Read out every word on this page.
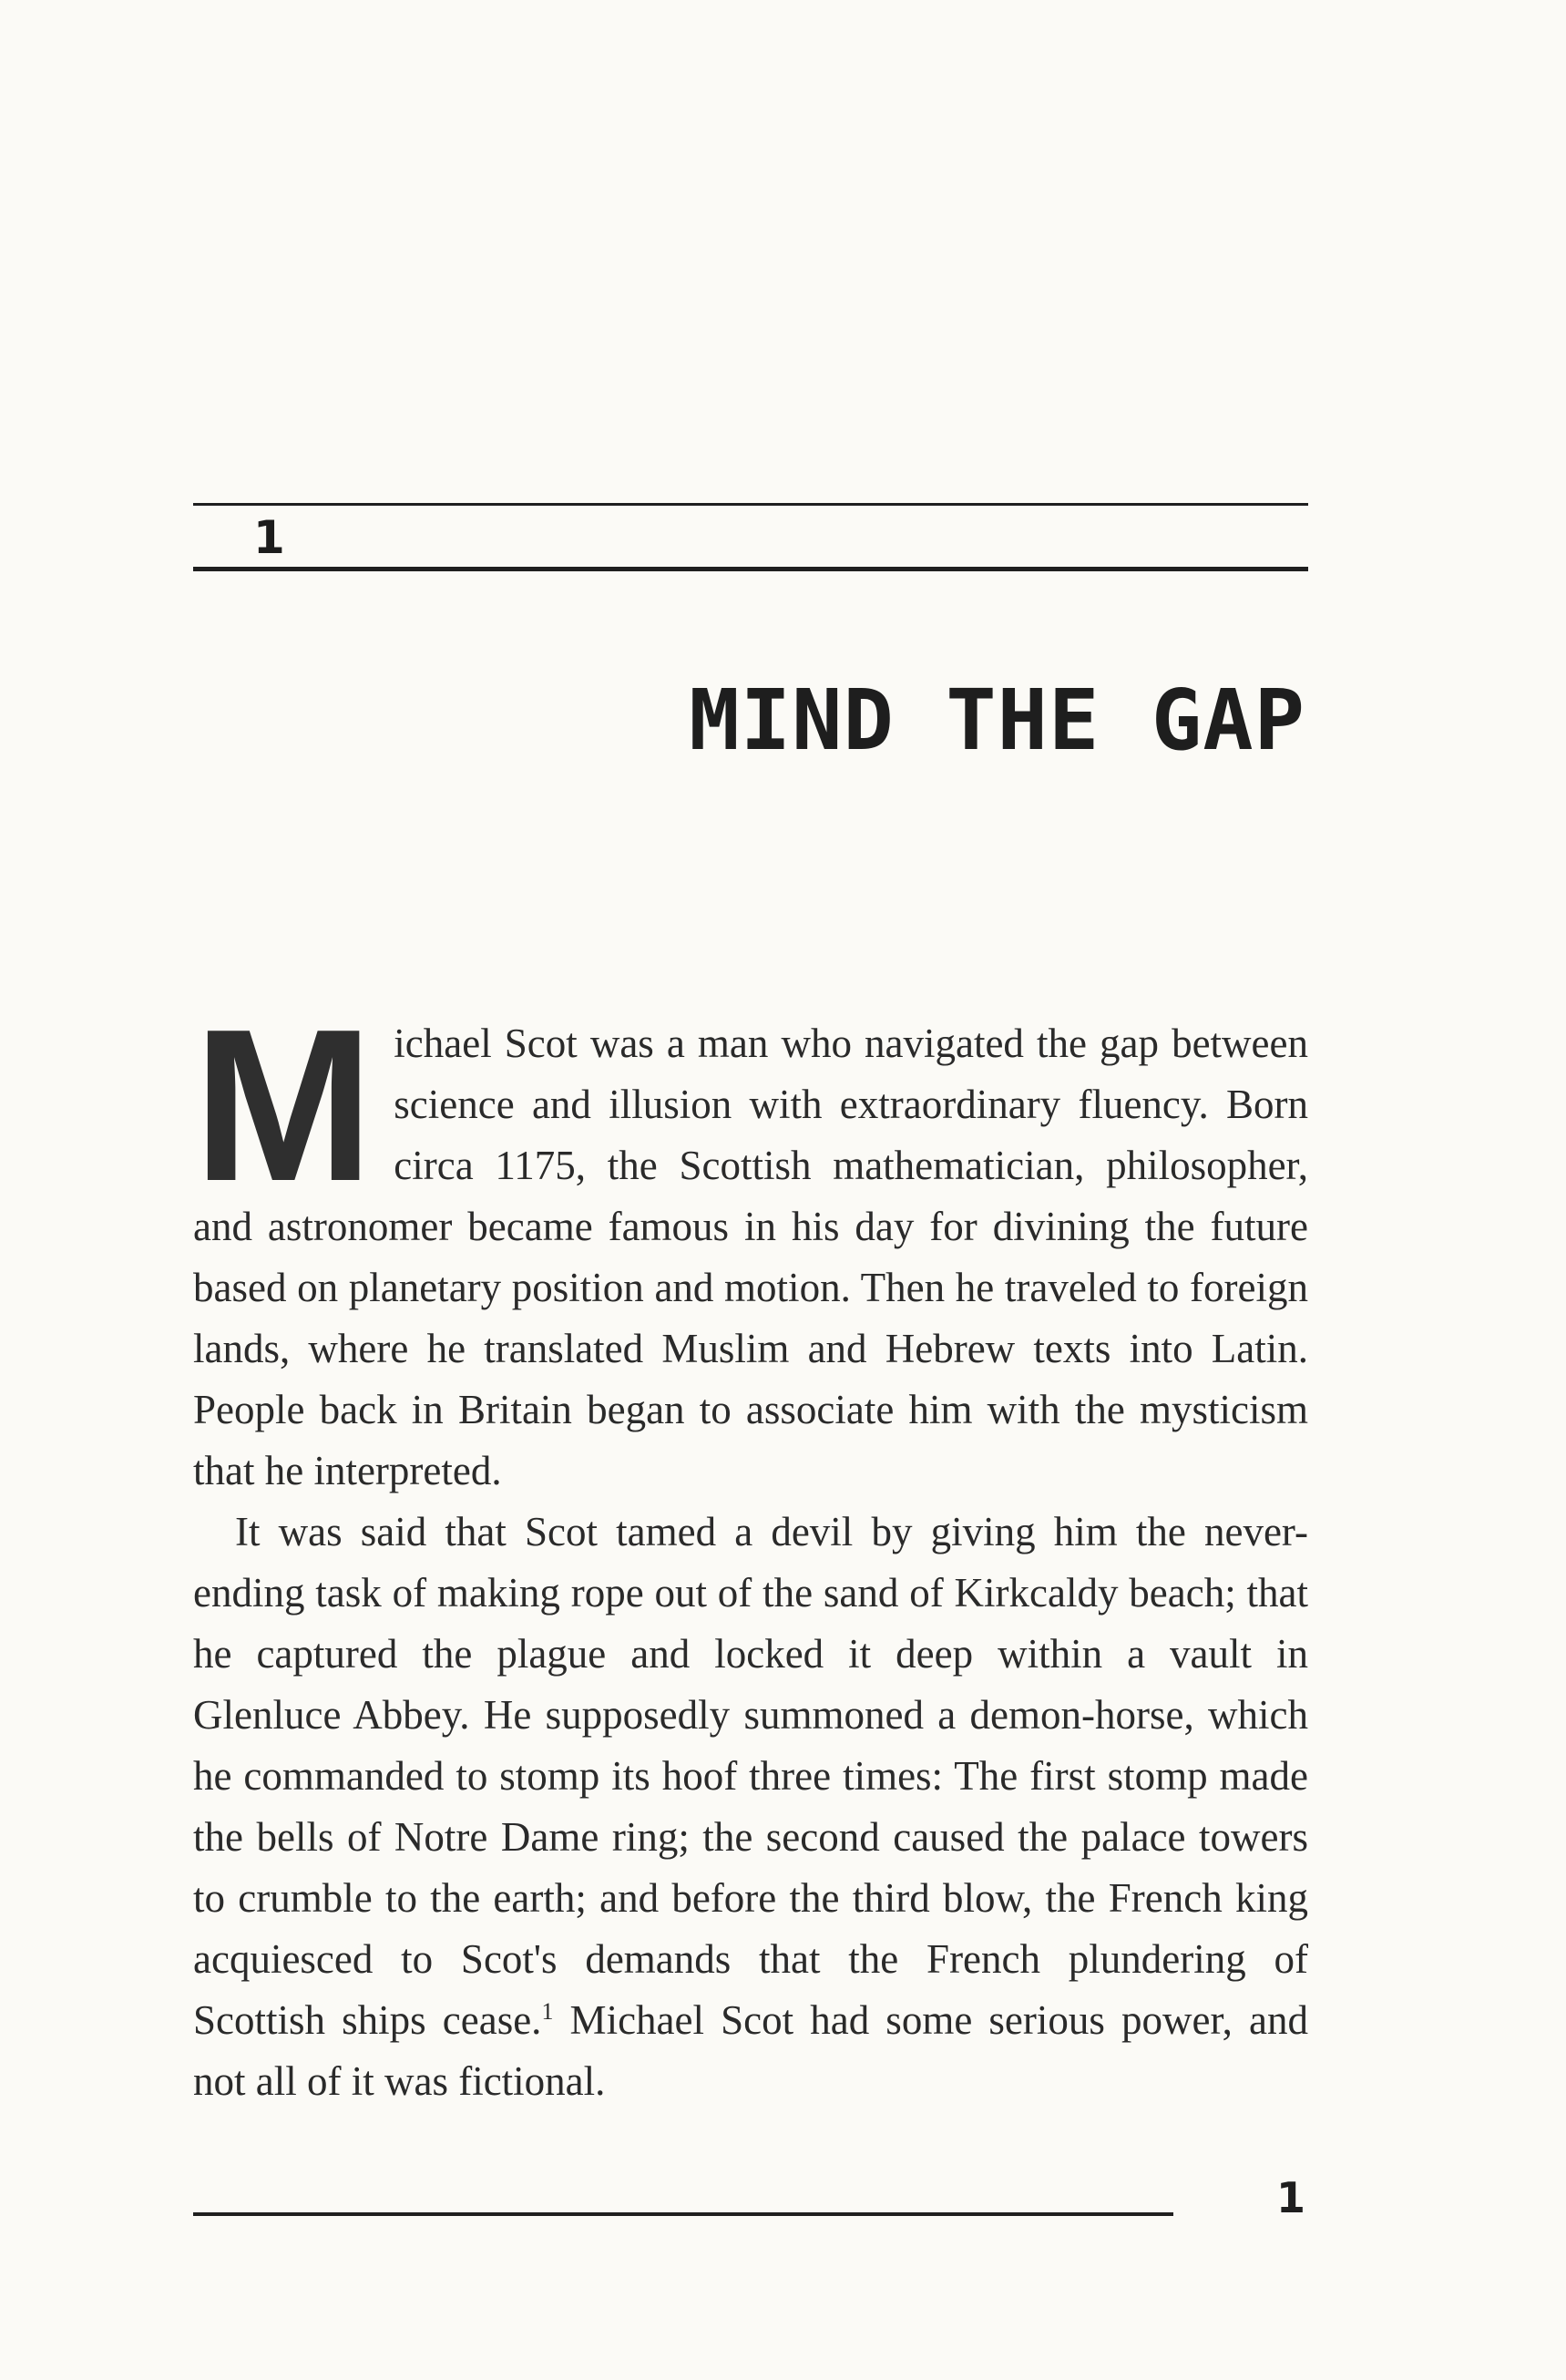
1
MIND THE GAP

Michael Scot was a man who navigated the gap between science and illusion with extraordinary fluency. Born circa 1175, the Scottish mathematician, philosopher, and astronomer became famous in his day for divining the future based on planetary position and motion. Then he traveled to foreign lands, where he translated Muslim and Hebrew texts into Latin. People back in Britain began to associate him with the mysticism that he interpreted.

It was said that Scot tamed a devil by giving him the never-ending task of making rope out of the sand of Kirkcaldy beach; that he captured the plague and locked it deep within a vault in Glenluce Abbey. He supposedly summoned a demon-horse, which he commanded to stomp its hoof three times: The first stomp made the bells of Notre Dame ring; the second caused the palace towers to crumble to the earth; and before the third blow, the French king acquiesced to Scot's demands that the French plundering of Scottish ships cease.$^1$ Michael Scot had some serious power, and not all of it was fictional.

1
